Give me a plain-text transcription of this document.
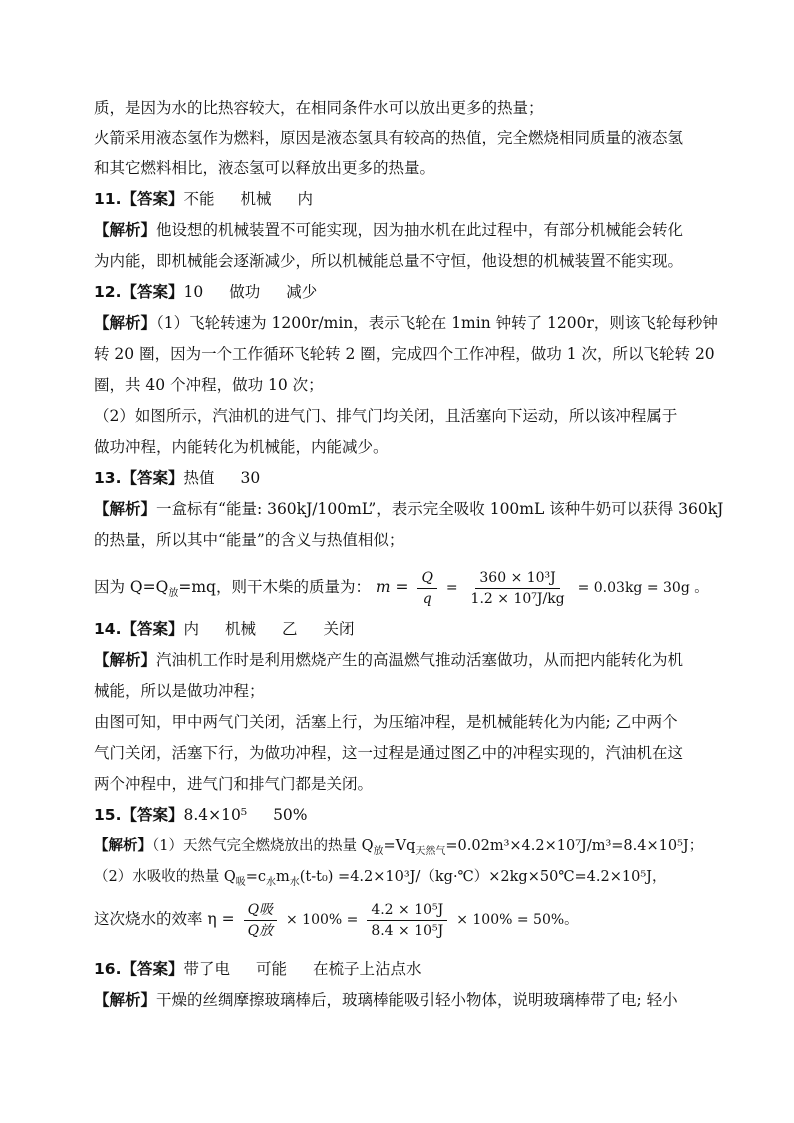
质，是因为水的比热容较大，在相同条件水可以放出更多的热量；
火箭采用液态氢作为燃料，原因是液态氢具有较高的热值，完全燃烧相同质量的液态氢
和其它燃料相比，液态氢可以释放出更多的热量。
11.【答案】不能 机械 内
【解析】他设想的机械装置不可能实现，因为抽水机在此过程中，有部分机械能会转化
为内能，即机械能会逐渐减少，所以机械能总量不守恒，他设想的机械装置不能实现。
12.【答案】10 做功 减少
【解析】（1）飞轮转速为 1200r/min，表示飞轮在 1min 钟转了 1200r，则该飞轮每秒钟
转 20 圈，因为一个工作循环飞轮转 2 圈，完成四个工作冲程，做功 1 次，所以飞轮转 20
圈，共 40 个冲程，做功 10 次；
（2）如图所示，汽油机的进气门、排气门均关闭，且活塞向下运动，所以该冲程属于
做功冲程，内能转化为机械能，内能减少。
13.【答案】热值 30
【解析】一盒标有“能量: 360kJ/100mL”，表示完全吸收 100mL 该种牛奶可以获得 360kJ
的热量，所以其中“能量”的含义与热值相似；
因为 $Q=Q_放=mq$，则干木柴的质量为： $m = \frac{Q}{q} = \frac{\text{360 × 10³J}}{\text{1.2 × 10⁷J/kg}} = 0.03kg = 30g$ 。
14.【答案】内 机械 乙 关闭
【解析】汽油机工作时是利用燃烧产生的高温燃气推动活塞做功，从而把内能转化为机
械能，所以是做功冲程；
由图可知，甲中两气门关闭，活塞上行，为压缩冲程，是机械能转化为内能; 乙中两个
气门关闭，活塞下行，为做功冲程，这一过程是通过图乙中的冲程实现的，汽油机在这
两个冲程中，进气门和排气门都是关闭。
15.【答案】8.4×10⁵ 50%
【解析】（1）天然气完全燃烧放出的热量 $Q_放=Vq_{天然气}=0.02m^3\times 4.2\times 10^7J/m^3=8.4\times 10^5J$；
（2）水吸收的热量 $Q_吸=c_水m_水(t-t_0)$ =4.2×10³J/（kg·℃）×2kg×50℃=4.2×10⁵J，
这次烧水的效率 $\eta = \frac{\text{Q吸}}{\text{Q放}} \times 100\% = \frac{\text{4.2 × 10⁵J}}{\text{8.4 × 10⁵J}} \times 100\% = 50\%$。
16.【答案】带了电 可能 在梳子上沾点水
【解析】干燥的丝绸摩擦玻璃棒后，玻璃棒能吸引轻小物体，说明玻璃棒带了电; 轻小
